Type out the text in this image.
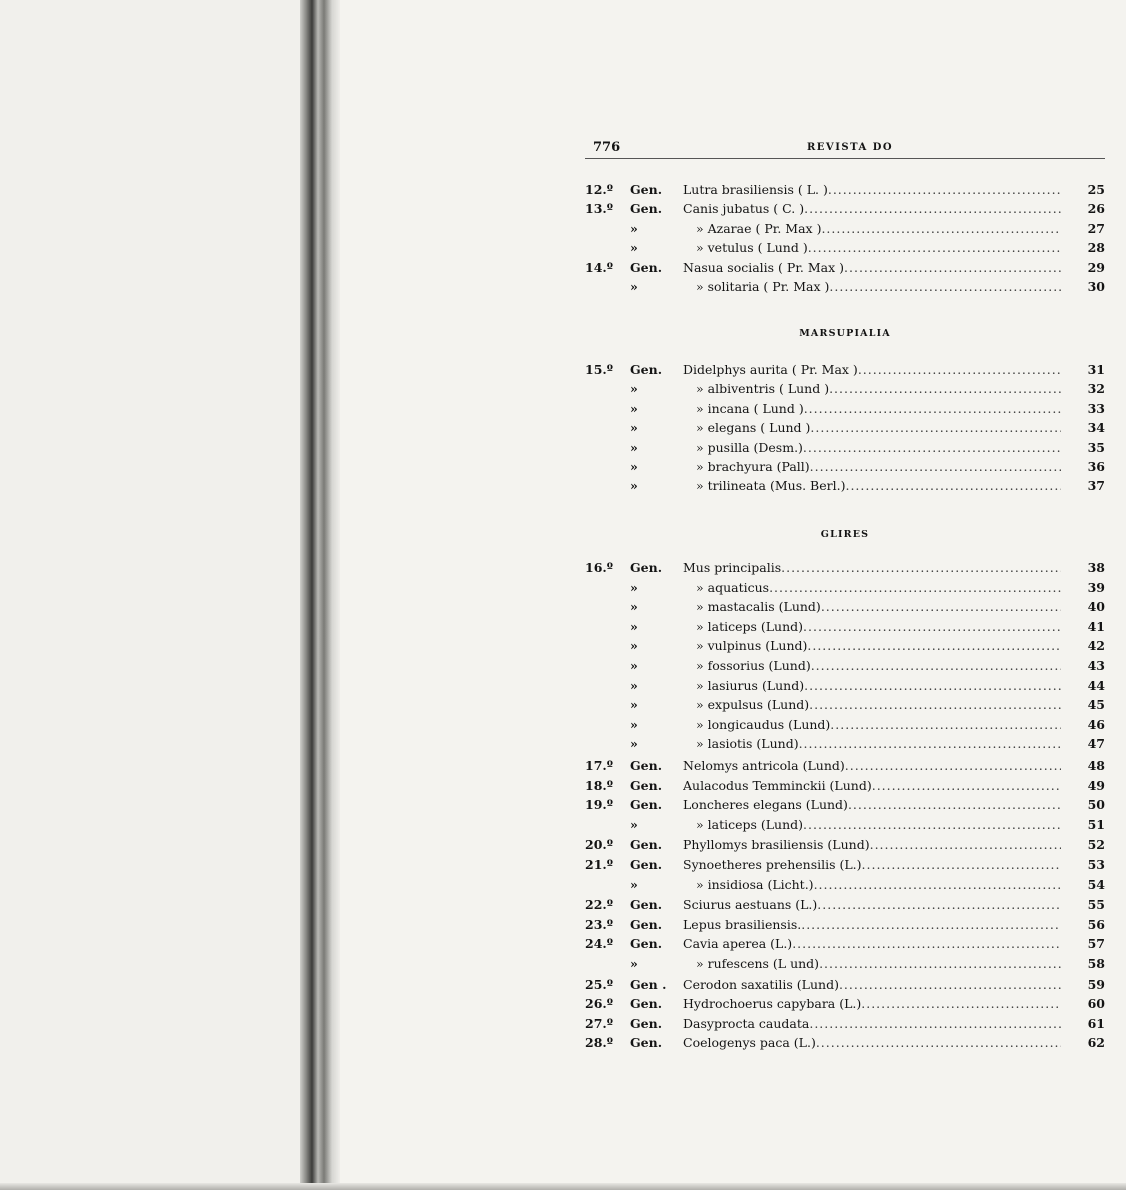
776	REVISTA DO
12.º Gen. Lutra brasiliensis ( L. ) .....	25
13.º Gen. Canis jubatus ( C. ) .....	26
»	» Azarae ( Pr. Max ) .....	27
»	» vetulus ( Lund ) .....	28
14.º Gen. Nasua socialis ( Pr. Max ) .....	29
»	» solitaria ( Pr. Max ) .....	30
MARSUPIALIA
15.º Gen. Didelphys aurita ( Pr. Max ) .....	31
»	» albiventris ( Lund ) .....	32
»	» incana ( Lund ) .....	33
»	» elegans ( Lund ) .....	34
»	» pusilla (Desm.) .....	35
»	» brachyura (Pall) .....	36
»	» trilineata (Mus. Berl.) .....	37
GLIRES
16.º Gen. Mus principalis .....	38
»	» aquaticus .....	39
»	» mastacalis (Lund) .....	40
»	» laticeps (Lund) .....	41
»	» vulpinus (Lund) .....	42
»	» fossorius (Lund) .....	43
»	» lasiurus (Lund) .....	44
»	» expulsus (Lund) .....	45
»	» longicaudus (Lund) .....	46
»	» lasiotis (Lund) .....	47
17.º Gen. Nelomys antricola (Lund) .....	48
18.º Gen. Aulacodus Temminckii (Lund) .....	49
19.º Gen. Loncheres elegans (Lund) .....	50
»	» laticeps (Lund) .....	51
20.º Gen. Phyllomys brasiliensis (Lund) .....	52
21.º Gen. Synoetheres prehensilis (L.) .....	53
»	» insidiosa (Licht.) .....	54
22.º Gen. Sciurus aestuans (L.) .....	55
23.º Gen. Lepus brasiliensis. .....	56
24.º Gen. Cavia aperea (L.) .....	57
»	» rufescens (L und) .....	58
25.º Gen . Cerodon saxatilis (Lund) .....	59
26.º Gen. Hydrochoerus capybara (L.) .....	60
27.º Gen. Dasyprocta caudata .....	61
28.º Gen. Coelogenys paca (L.) .....	62
